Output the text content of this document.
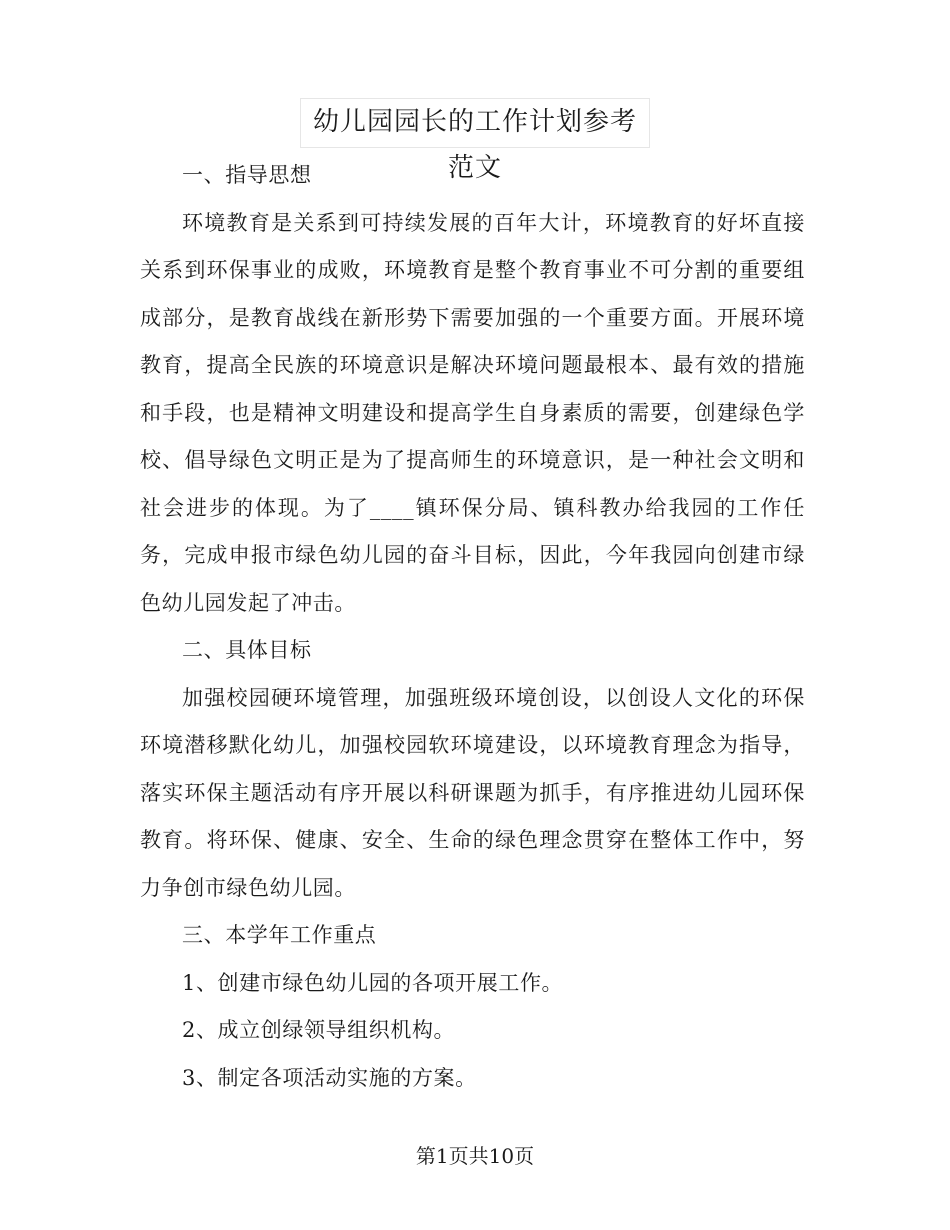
幼儿园园长的工作计划参考范文

一、指导思想

环境教育是关系到可持续发展的百年大计，环境教育的好坏直接关系到环保事业的成败，环境教育是整个教育事业不可分割的重要组成部分，是教育战线在新形势下需要加强的一个重要方面。开展环境教育，提高全民族的环境意识是解决环境问题最根本、最有效的措施和手段，也是精神文明建设和提高学生自身素质的需要，创建绿色学校、倡导绿色文明正是为了提高师生的环境意识，是一种社会文明和社会进步的体现。为了____镇环保分局、镇科教办给我园的工作任务，完成申报市绿色幼儿园的奋斗目标，因此，今年我园向创建市绿色幼儿园发起了冲击。

二、具体目标

加强校园硬环境管理，加强班级环境创设，以创设人文化的环保环境潜移默化幼儿，加强校园软环境建设，以环境教育理念为指导，落实环保主题活动有序开展以科研课题为抓手，有序推进幼儿园环保教育。将环保、健康、安全、生命的绿色理念贯穿在整体工作中，努力争创市绿色幼儿园。

三、本学年工作重点

1、创建市绿色幼儿园的各项开展工作。

2、成立创绿领导组织机构。

3、制定各项活动实施的方案。

第1页共10页
